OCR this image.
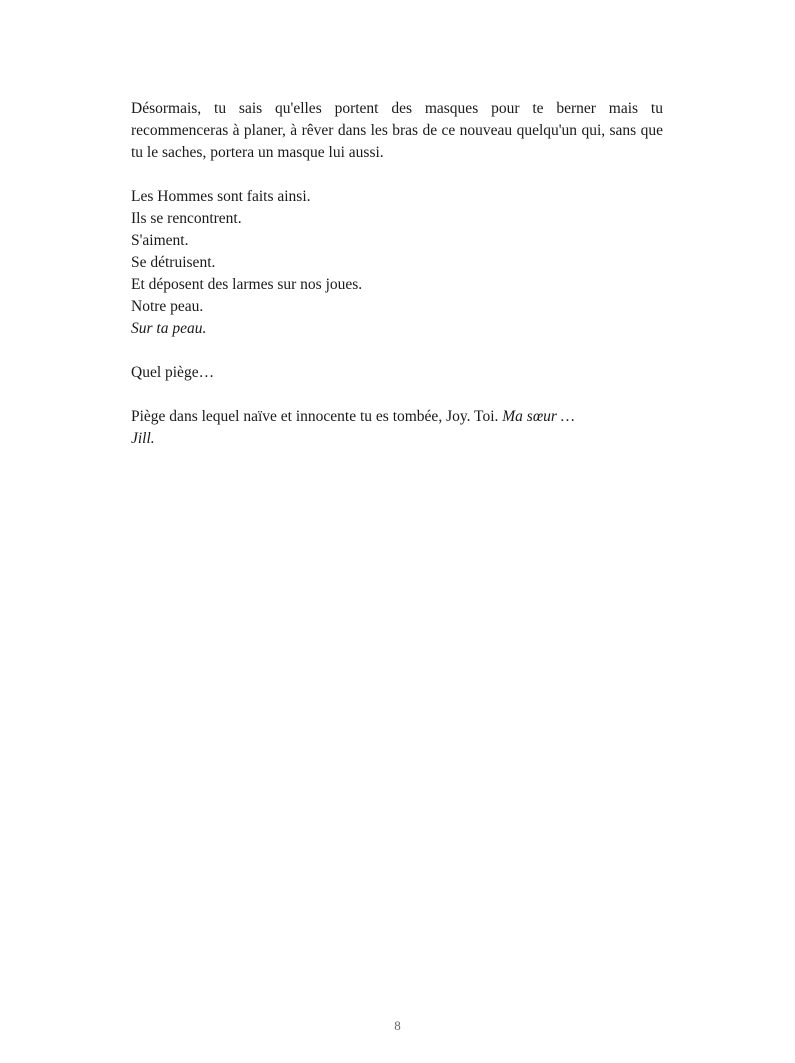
Désormais, tu sais qu'elles portent des masques pour te berner mais tu recommenceras à planer, à rêver dans les bras de ce nouveau quelqu'un qui, sans que tu le saches, portera un masque lui aussi.

Les Hommes sont faits ainsi.
Ils se rencontrent.
S'aiment.
Se détruisent.
Et déposent des larmes sur nos joues.
Notre peau.
Sur ta peau.
Quel piège…
Piège dans lequel naïve et innocente tu es tombée, Joy. Toi. Ma sœur …
Jill.
8
